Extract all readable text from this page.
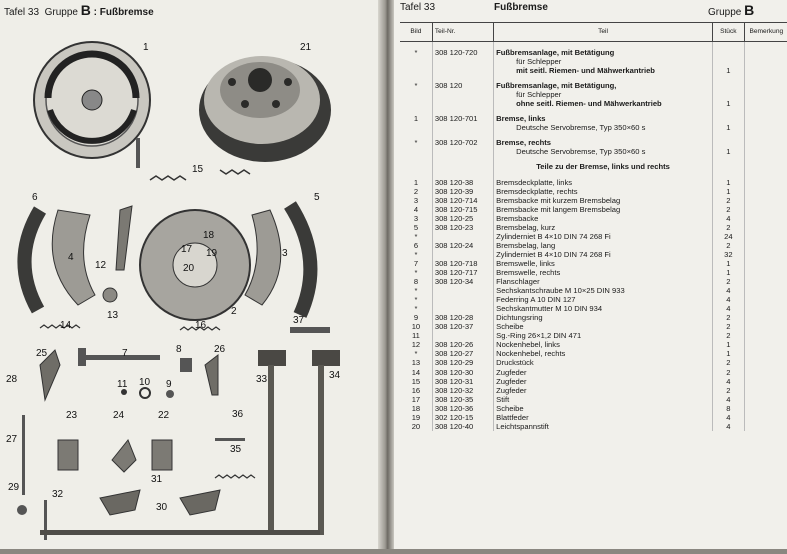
Tafel 33 Gruppe B : Fußbremse
1	21
15
6	5
4
12
18
17 19
20
3
2
13
14	16	37
25	7	8	26
28	11 10 9	33	34
27
23	24	22	36
35
29
32
31
30
Tafel 33	Fußbremse	Gruppe B
Bild	Teil-Nr.	Teil	Stück	Bemerkung

*	308 120-720	Fußbremsanlage, mit Betätigung		
		für Schlepper		
		mit seitl. Riemen- und Mähwerkantrieb	1	

*	308 120	Fußbremsanlage, mit Betätigung,		
		für Schlepper		
		ohne seitl. Riemen- und Mähwerkantrieb	1	

1	308 120-701	Bremse, links		
		Deutsche Servobremse, Typ 350×60 s	1	

*	308 120-702	Bremse, rechts		
		Deutsche Servobremse, Typ 350×60 s	1	

		Teile zu der Bremse, links und rechts		

1	308 120-38	Bremsdeckplatte, links	1	
2	308 120-39	Bremsdeckplatte, rechts	1	
3	308 120-714	Bremsbacke mit kurzem Bremsbelag	2	
4	308 120-715	Bremsbacke mit langem Bremsbelag	2	
3	308 120-25	Bremsbacke	4	
5	308 120-23	Bremsbelag, kurz	2	
*		Zylinderniet B 4×10 DIN 74 268 Fi	24	
6	308 120-24	Bremsbelag, lang	2	
*		Zylinderniet B 4×10 DIN 74 268 Fi	32	
7	308 120-718	Bremswelle, links	1	
*	308 120-717	Bremswelle, rechts	1	
8	308 120-34	Flanschlager	2	
*		Sechskantschraube M 10×25 DIN 933	4	
*		Federring A 10 DIN 127	4	
*		Sechskantmutter M 10 DIN 934	4	
9	308 120-28	Dichtungsring	2	
10	308 120-37	Scheibe	2	
11		Sg.-Ring 26×1,2 DIN 471	2	
12	308 120-26	Nockenhebel, links	1	
*	308 120-27	Nockenhebel, rechts	1	
13	308 120-29	Druckstück	2	
14	308 120-30	Zugfeder	2	
15	308 120-31	Zugfeder	4	
16	308 120-32	Zugfeder	2	
17	308 120-35	Stift	4	
18	308 120-36	Scheibe	8	
19	302 120-15	Blattfeder	4	
20	308 120-40	Leichtspannstift	4	
